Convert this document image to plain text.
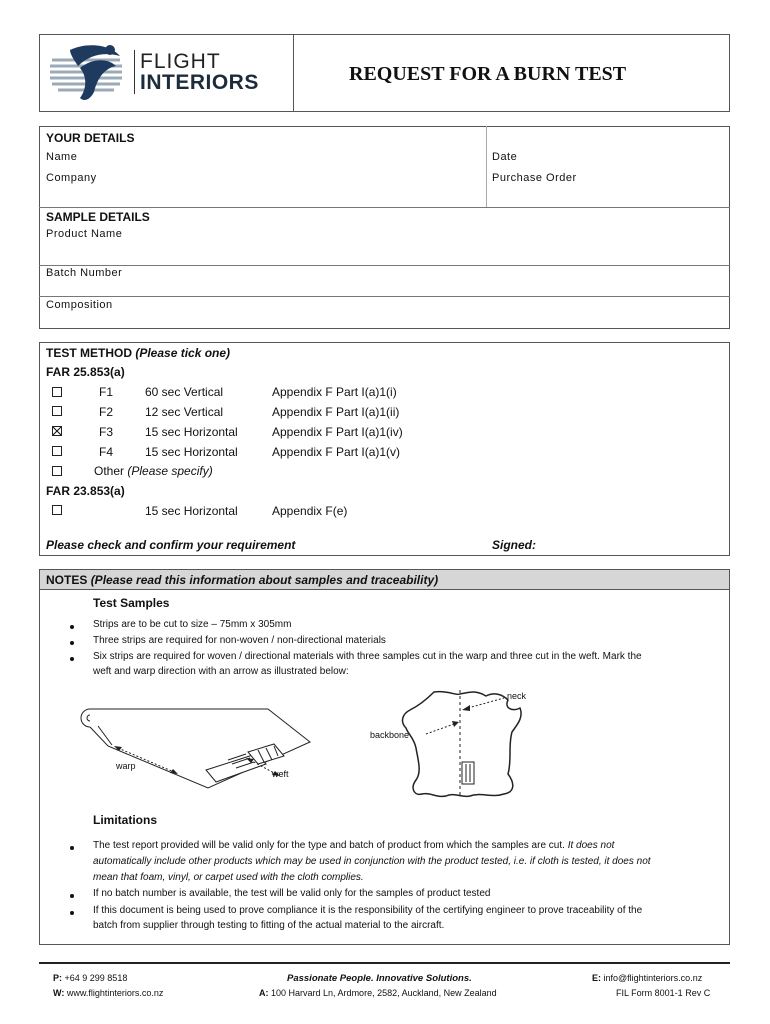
FLIGHT
INTERIORS	REQUEST FOR A BURN TEST
YOUR DETAILS
Name	Date
Company	Purchase Order
SAMPLE DETAILS
Product Name
Batch Number
Composition
TEST METHOD (Please tick one)
FAR 25.853(a)
F1	60 sec Vertical	Appendix F Part I(a)1(i)
F2	12 sec Vertical	Appendix F Part I(a)1(ii)
F3	15 sec Horizontal	Appendix F Part I(a)1(iv)
F4	15 sec Horizontal	Appendix F Part I(a)1(v)
Other (Please specify)
FAR 23.853(a)
15 sec Horizontal	Appendix F(e)
Please check and confirm your requirement	Signed:
NOTES (Please read this information about samples and traceability)
Test Samples
Strips are to be cut to size – 75mm x 305mm
Three strips are required for non-woven / non-directional materials
Six strips are required for woven / directional materials with three samples cut in the warp and three cut in the weft. Mark the
weft and warp direction with an arrow as illustrated below:
warp
weft
neck
backbone
Limitations
The test report provided will be valid only for the type and batch of product from which the samples are cut. It does not
automatically include other products which may be used in conjunction with the product tested, i.e. if cloth is tested, it does not
mean that foam, vinyl, or carpet used with the cloth complies.
If no batch number is available, the test will be valid only for the samples of product tested
If this document is being used to prove compliance it is the responsibility of the certifying engineer to prove traceability of the
batch from supplier through testing to fitting of the actual material to the aircraft.
P: +64 9 299 8518
W: www.flightinteriors.co.nz
Passionate People. Innovative Solutions.
A: 100 Harvard Ln, Ardmore, 2582, Auckland, New Zealand
E: info@flightinteriors.co.nz
FIL Form 8001-1 Rev C
